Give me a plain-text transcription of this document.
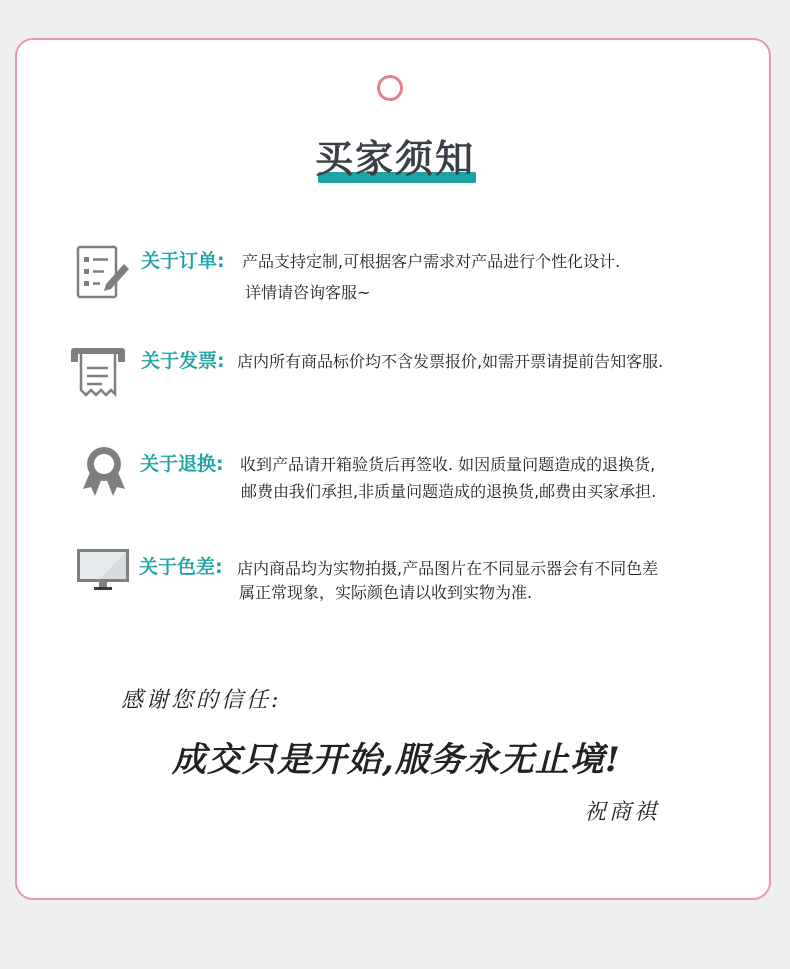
买家须知
关于订单: 产品支持定制,可根据客户需求对产品进行个性化设计.
详情请咨询客服~
关于发票: 店内所有商品标价均不含发票报价,如需开票请提前告知客服.
关于退换: 收到产品请开箱验货后再签收. 如因质量问题造成的退换货,
邮费由我们承担,非质量问题造成的退换货,邮费由买家承担.
关于色差: 店内商品均为实物拍摄,产品图片在不同显示器会有不同色差
属正常现象，实际颜色请以收到实物为准.
感谢您的信任:
成交只是开始,服务永无止境!
祝商祺
